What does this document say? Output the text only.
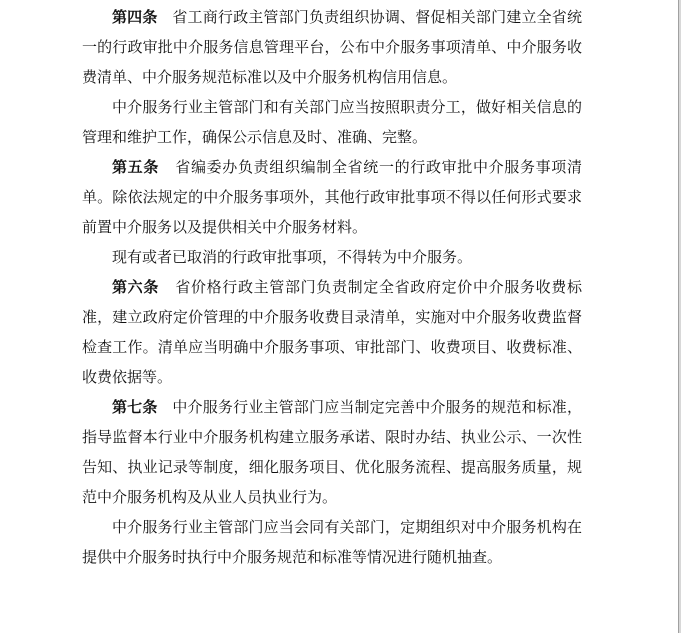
第四条 省工商行政主管部门负责组织协调、督促相关部门建立全省统一的行政审批中介服务信息管理平台，公布中介服务事项清单、中介服务收费清单、中介服务规范标准以及中介服务机构信用信息。

中介服务行业主管部门和有关部门应当按照职责分工，做好相关信息的管理和维护工作，确保公示信息及时、准确、完整。

第五条 省编委办负责组织编制全省统一的行政审批中介服务事项清单。除依法规定的中介服务事项外，其他行政审批事项不得以任何形式要求前置中介服务以及提供相关中介服务材料。

现有或者已取消的行政审批事项，不得转为中介服务。

第六条 省价格行政主管部门负责制定全省政府定价中介服务收费标准，建立政府定价管理的中介服务收费目录清单，实施对中介服务收费监督检查工作。清单应当明确中介服务事项、审批部门、收费项目、收费标准、收费依据等。

第七条 中介服务行业主管部门应当制定完善中介服务的规范和标准，指导监督本行业中介服务机构建立服务承诺、限时办结、执业公示、一次性告知、执业记录等制度，细化服务项目、优化服务流程、提高服务质量，规范中介服务机构及从业人员执业行为。

中介服务行业主管部门应当会同有关部门，定期组织对中介服务机构在提供中介服务时执行中介服务规范和标准等情况进行随机抽查。
